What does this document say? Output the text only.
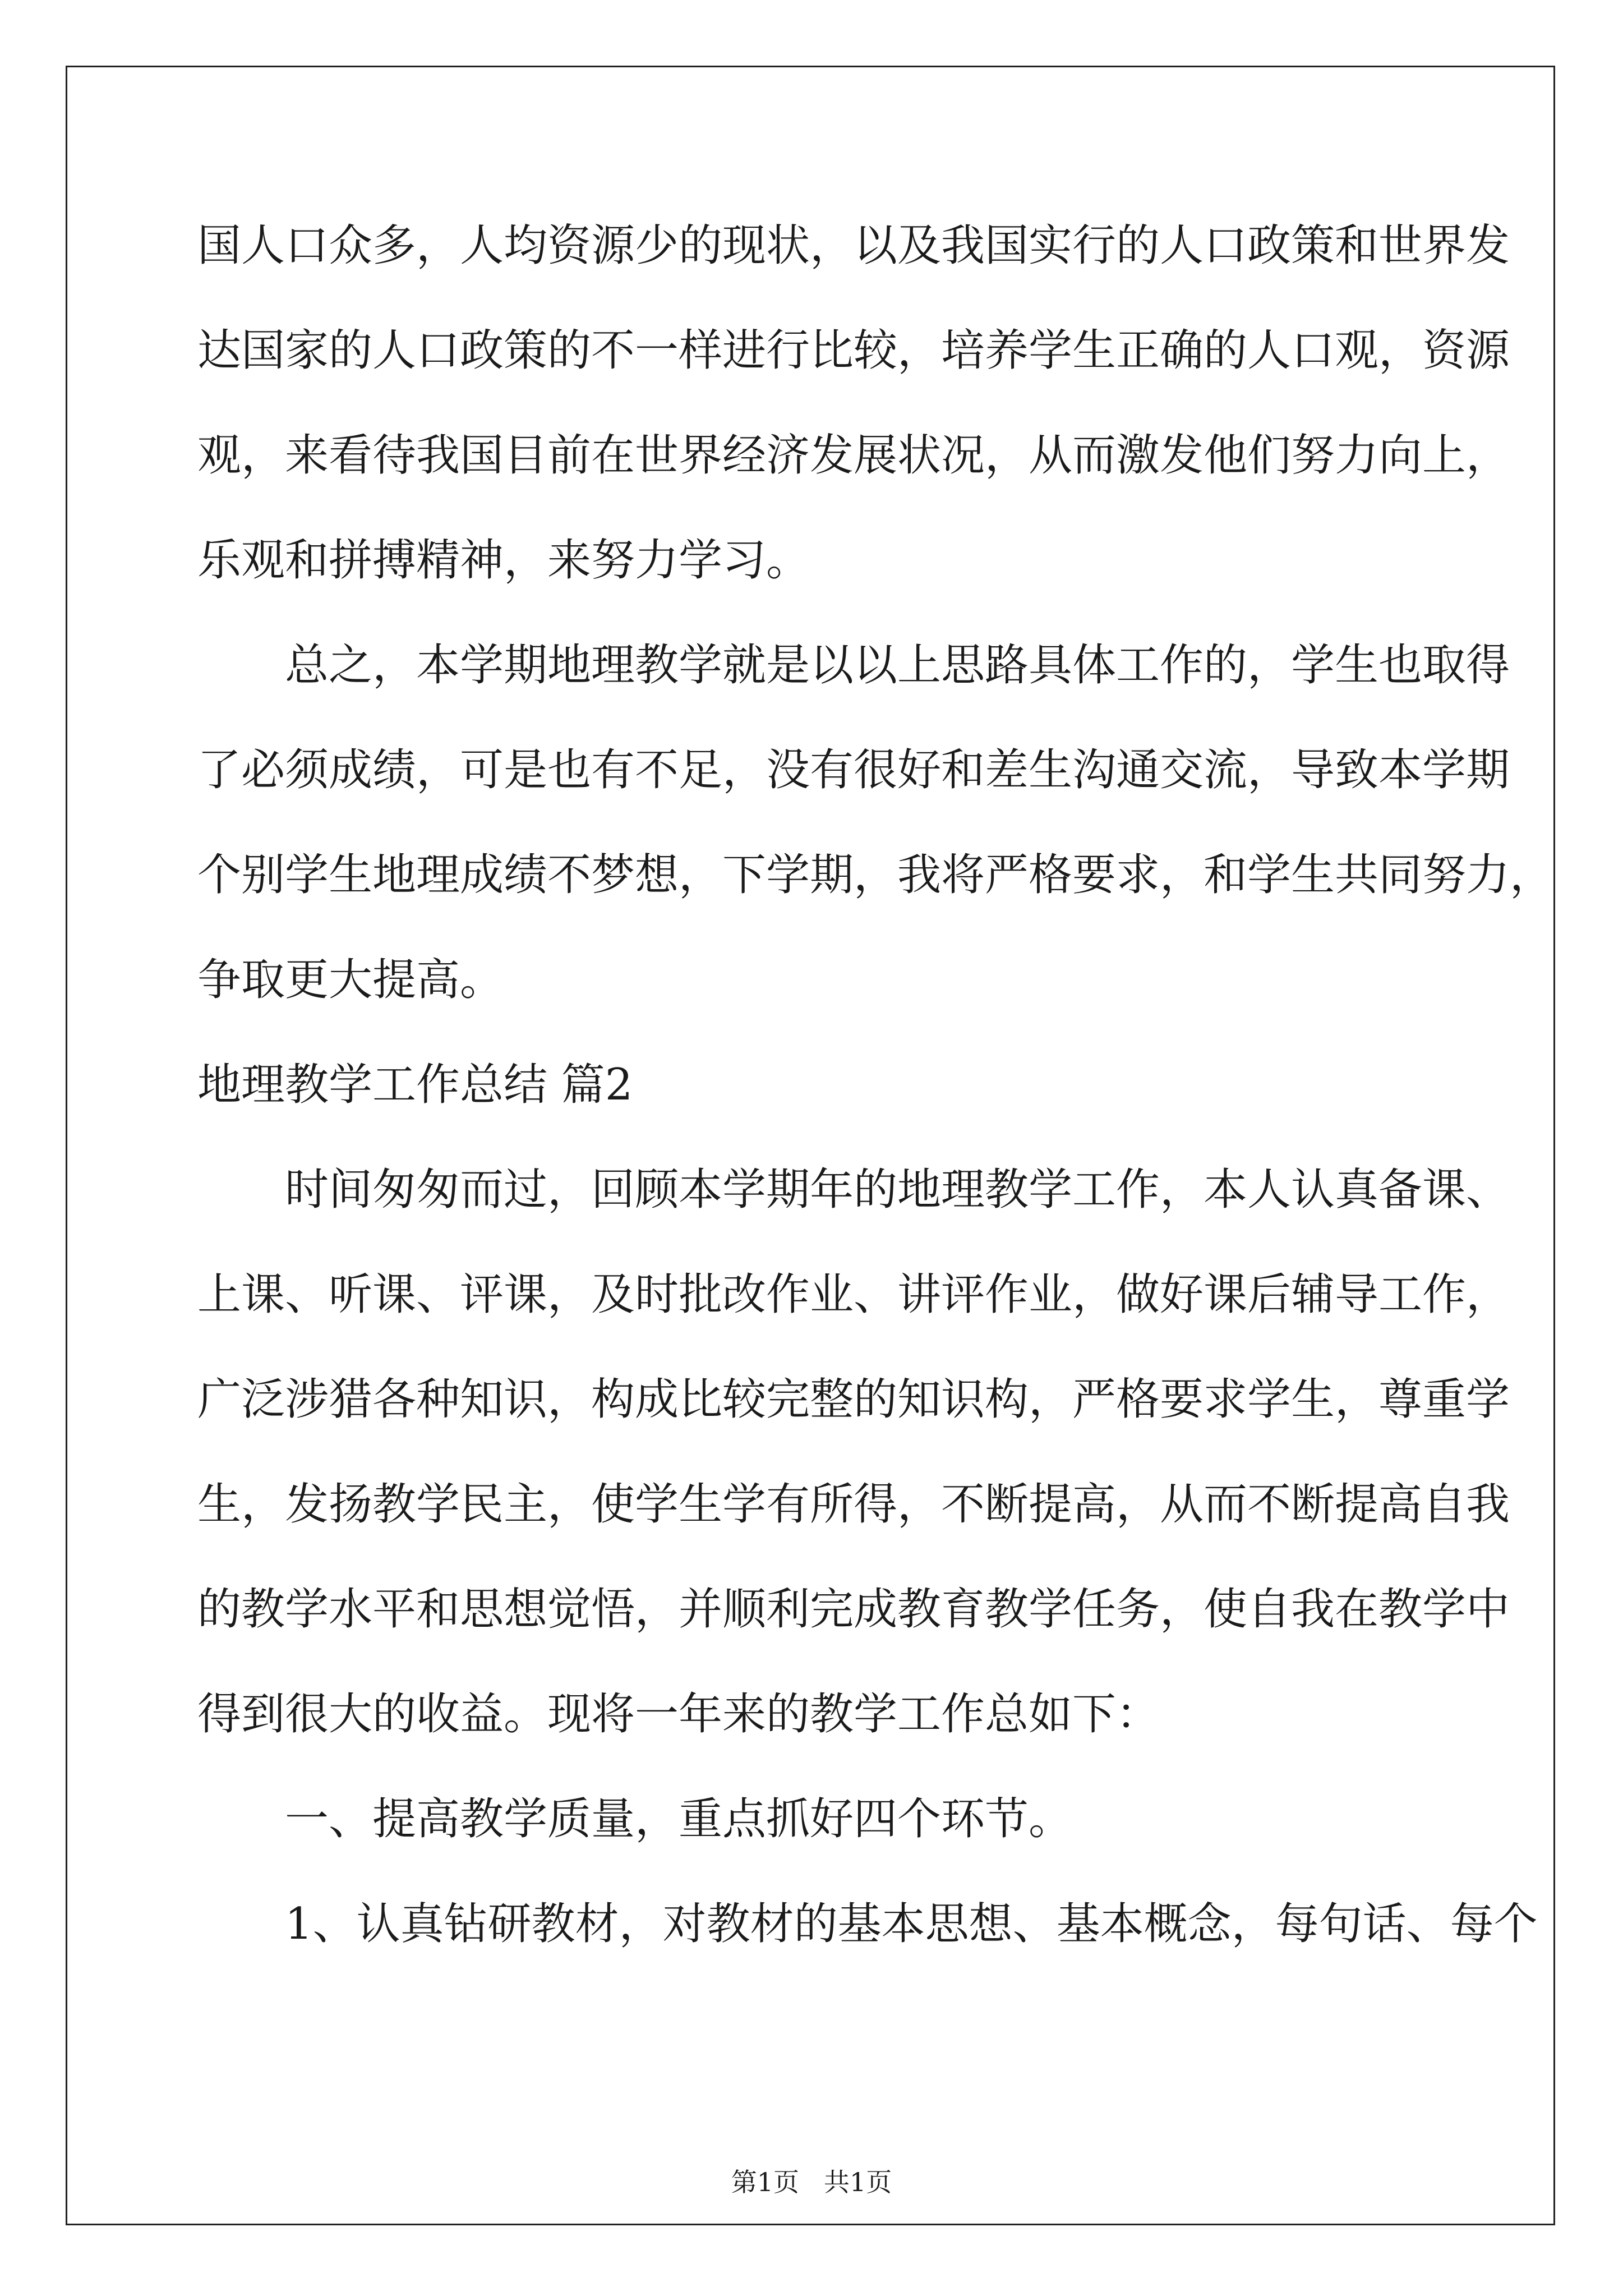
国人口众多，人均资源少的现状，以及我国实行的人口政策和世界发
达国家的人口政策的不一样进行比较，培养学生正确的人口观，资源
观，来看待我国目前在世界经济发展状况，从而激发他们努力向上，
乐观和拼搏精神，来努力学习。
总之，本学期地理教学就是以以上思路具体工作的，学生也取得
了必须成绩，可是也有不足，没有很好和差生沟通交流，导致本学期
个别学生地理成绩不梦想，下学期，我将严格要求，和学生共同努力，
争取更大提高。
地理教学工作总结 篇2
时间匆匆而过，回顾本学期年的地理教学工作，本人认真备课、
上课、听课、评课，及时批改作业、讲评作业，做好课后辅导工作，
广泛涉猎各种知识，构成比较完整的知识构，严格要求学生，尊重学
生，发扬教学民主，使学生学有所得，不断提高，从而不断提高自我
的教学水平和思想觉悟，并顺利完成教育教学任务，使自我在教学中
得到很大的收益。现将一年来的教学工作总如下：
一、提高教学质量，重点抓好四个环节。
1、认真钻研教材，对教材的基本思想、基本概念，每句话、每个
第1页 共1页
